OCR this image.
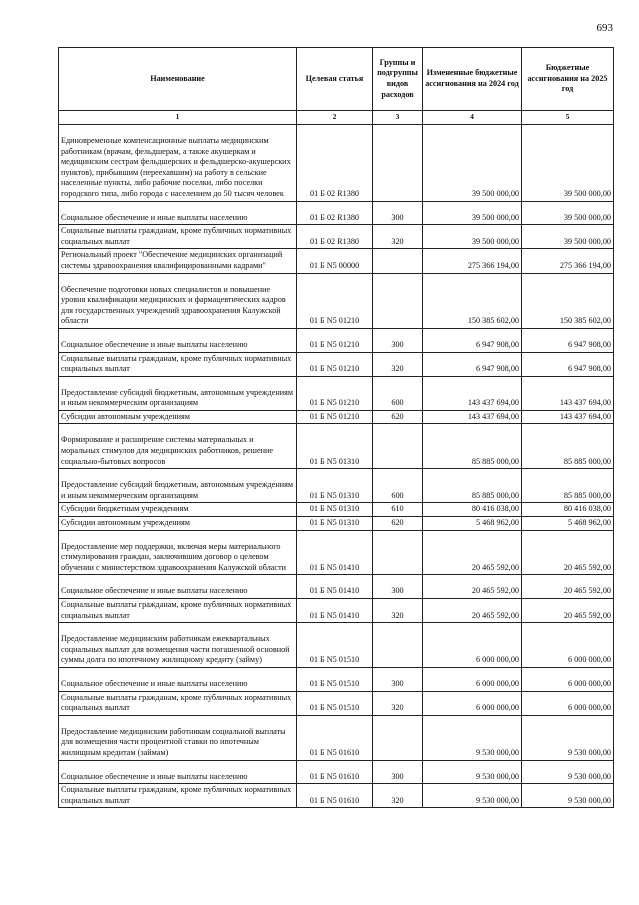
693
Наименование	Целевая статья	Группы и подгруппы видов расходов	Измененные бюджетные ассигнования на 2024 год	Бюджетные ассигнования на 2025 год
1	2	3	4	5
Единовременные компенсационные выплаты медицинским работникам (врачам, фельдшерам, а также акушеркам и медицинским сестрам фельдшерских и фельдшерско-акушерских пунктов), прибывшим (переехавшим) на работу в сельские населенные пункты, либо рабочие поселки, либо поселки городского типа, либо города с населением до 50 тысяч человек	01 Б 02 R1380		39 500 000,00	39 500 000,00
Социальное обеспечение и иные выплаты населению	01 Б 02 R1380	300	39 500 000,00	39 500 000,00
Социальные выплаты гражданам, кроме публичных нормативных социальных выплат	01 Б 02 R1380	320	39 500 000,00	39 500 000,00
Региональный проект "Обеспечение медицинских организаций системы здравоохранения квалифицированными кадрами"	01 Б N5 00000		275 366 194,00	275 366 194,00
Обеспечение подготовки новых специалистов и повышение уровня квалификации медицинских и фармацевтических кадров для государственных учреждений здравоохранения Калужской области	01 Б N5 01210		150 385 602,00	150 385 602,00
Социальное обеспечение и иные выплаты населению	01 Б N5 01210	300	6 947 908,00	6 947 908,00
Социальные выплаты гражданам, кроме публичных нормативных социальных выплат	01 Б N5 01210	320	6 947 908,00	6 947 908,00
Предоставление субсидий бюджетным, автономным учреждениям и иным некоммерческим организациям	01 Б N5 01210	600	143 437 694,00	143 437 694,00
Субсидии автономным учреждениям	01 Б N5 01210	620	143 437 694,00	143 437 694,00
Формирование и расширение системы материальных и моральных стимулов для медицинских работников, решение социально-бытовых вопросов	01 Б N5 01310		85 885 000,00	85 885 000,00
Предоставление субсидий бюджетным, автономным учреждениям и иным некоммерческим организациям	01 Б N5 01310	600	85 885 000,00	85 885 000,00
Субсидии бюджетным учреждениям	01 Б N5 01310	610	80 416 038,00	80 416 038,00
Субсидии автономным учреждениям	01 Б N5 01310	620	5 468 962,00	5 468 962,00
Предоставление мер поддержки, включая меры материального стимулирования граждан, заключившим договор о целевом обучении с министерством здравоохранения Калужской области	01 Б N5 01410		20 465 592,00	20 465 592,00
Социальное обеспечение и иные выплаты населению	01 Б N5 01410	300	20 465 592,00	20 465 592,00
Социальные выплаты гражданам, кроме публичных нормативных социальных выплат	01 Б N5 01410	320	20 465 592,00	20 465 592,00
Предоставление медицинским работникам ежеквартальных социальных выплат для возмещения части погашенной основной суммы долга по ипотечному жилищному кредиту (займу)	01 Б N5 01510		6 000 000,00	6 000 000,00
Социальное обеспечение и иные выплаты населению	01 Б N5 01510	300	6 000 000,00	6 000 000,00
Социальные выплаты гражданам, кроме публичных нормативных социальных выплат	01 Б N5 01510	320	6 000 000,00	6 000 000,00
Предоставление медицинским работникам социальной выплаты для возмещения части процентной ставки по ипотечным жилищным кредитам (займам)	01 Б N5 01610		9 530 000,00	9 530 000,00
Социальное обеспечение и иные выплаты населению	01 Б N5 01610	300	9 530 000,00	9 530 000,00
Социальные выплаты гражданам, кроме публичных нормативных социальных выплат	01 Б N5 01610	320	9 530 000,00	9 530 000,00
